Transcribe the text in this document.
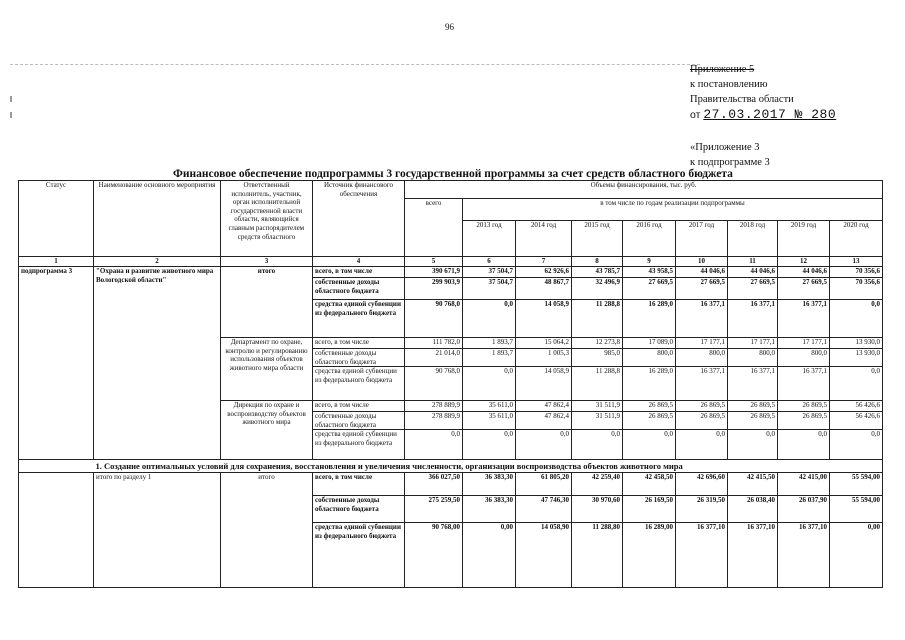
96
Приложение 5
к постановлению
Правительства области
от 27.03.2017 № 280
«Приложение 3
к подпрограмме 3
Финансовое обеспечение подпрограммы 3 государственной программы за счет средств областного бюджета
Статус	Наименование основного мероприятия	Ответственный исполнитель, участник, орган исполнительной государственной власти области, являющийся главным распорядителем средств областного	Источник финансового обеспечения	Объемы финансирования, тыс. руб.								
				всего	в том числе по годам реализации подпрограммы							
					2013 год	2014 год	2015 год	2016 год	2017 год	2018 год	2019 год	2020 год
1	2	3	4	5	6	7	8	9	10	11	12	13
подпрограмма 3	"Охрана и развитие животного мира Вологодской области"	итого	всего, в том числе	390 671,9	37 504,7	62 926,6	43 785,7	43 958,5	44 046,6	44 046,6	44 046,6	70 356,6
			собственные доходы областного бюджета	299 903,9	37 504,7	48 867,7	32 496,9	27 669,5	27 669,5	27 669,5	27 669,5	70 356,6
			средства единой субвенции из федерального бюджета	90 768,0	0,0	14 058,9	11 288,8	16 289,0	16 377,1	16 377,1	16 377,1	0,0
		Департамент по охране, контролю и регулированию использования объектов животного мира области	всего, в том числе	111 782,0	1 893,7	15 064,2	12 273,8	17 089,0	17 177,1	17 177,1	17 177,1	13 930,0
			собственные доходы областного бюджета	21 014,0	1 893,7	1 005,3	985,0	800,0	800,0	800,0	800,0	13 930,0
			средства единой субвенции из федерального бюджета	90 768,0	0,0	14 058,9	11 288,8	16 289,0	16 377,1	16 377,1	16 377,1	0,0
		Дирекция по охране и воспроизводству объектов животного мира	всего, в том числе	278 889,9	35 611,0	47 862,4	31 511,9	26 869,5	26 869,5	26 869,5	26 869,5	56 426,6
			собственные доходы областного бюджета	278 889,9	35 611,0	47 862,4	31 511,9	26 869,5	26 869,5	26 869,5	26 869,5	56 426,6
			средства единой субвенции из федерального бюджета	0,0	0,0	0,0	0,0	0,0	0,0	0,0	0,0	0,0
	1. Создание оптимальных условий для сохранения, восстановления и увеличения численности, организации воспроизводства объектов животного мира											
	итого по разделу 1	итого	всего, в том числе	366 027,50	36 383,30	61 805,20	42 259,40	42 458,50	42 696,60	42 415,50	42 415,00	55 594,00
			собственные доходы областного бюджета	275 259,50	36 383,30	47 746,30	30 970,60	26 169,50	26 319,50	26 038,40	26 037,90	55 594,00
			средства единой субвенции из федерального бюджета	90 768,00	0,00	14 058,90	11 288,80	16 289,00	16 377,10	16 377,10	16 377,10	0,00
